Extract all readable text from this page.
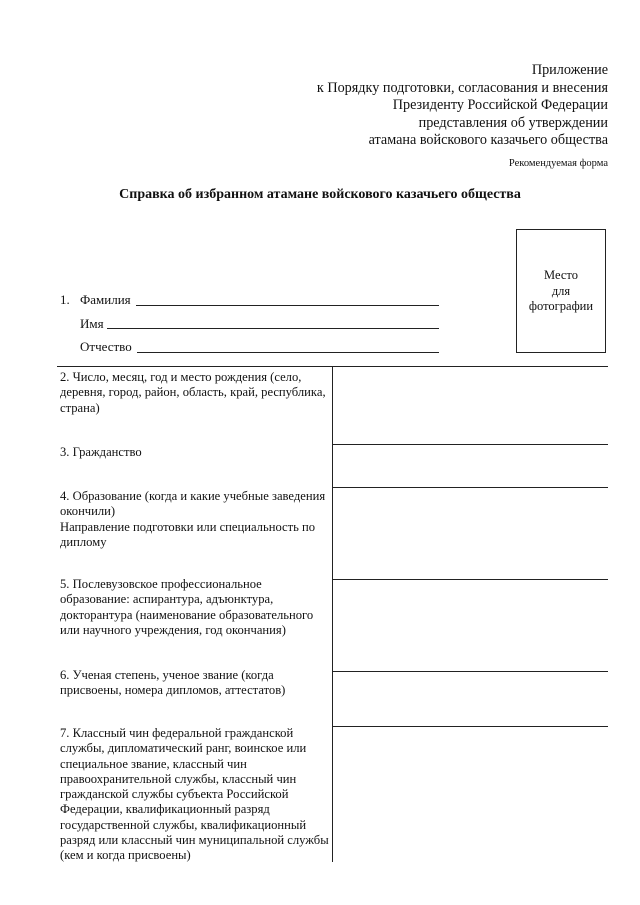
Приложение
к Порядку подготовки, согласования и внесения
Президенту Российской Федерации
представления об утверждении
атамана войскового казачьего общества
Рекомендуемая форма
Справка об избранном атамане войскового казачьего общества
Место
для
фотографии
1. Фамилия
Имя
Отчество
2. Число, месяц, год и место рождения (село, деревня, город, район, область, край, республика, страна)
3. Гражданство
4. Образование (когда и какие учебные заведения окончили)
Направление подготовки или специальность по диплому
5. Послевузовское профессиональное образование: аспирантура, адъюнктура, докторантура (наименование образовательного или научного учреждения, год окончания)
6. Ученая степень, ученое звание (когда присвоены, номера дипломов, аттестатов)
7. Классный чин федеральной гражданской службы, дипломатический ранг, воинское или специальное звание, классный чин правоохранительной службы, классный чин гражданской службы субъекта Российской Федерации, квалификационный разряд государственной службы, квалификационный разряд или классный чин муниципальной службы (кем и когда присвоены)
